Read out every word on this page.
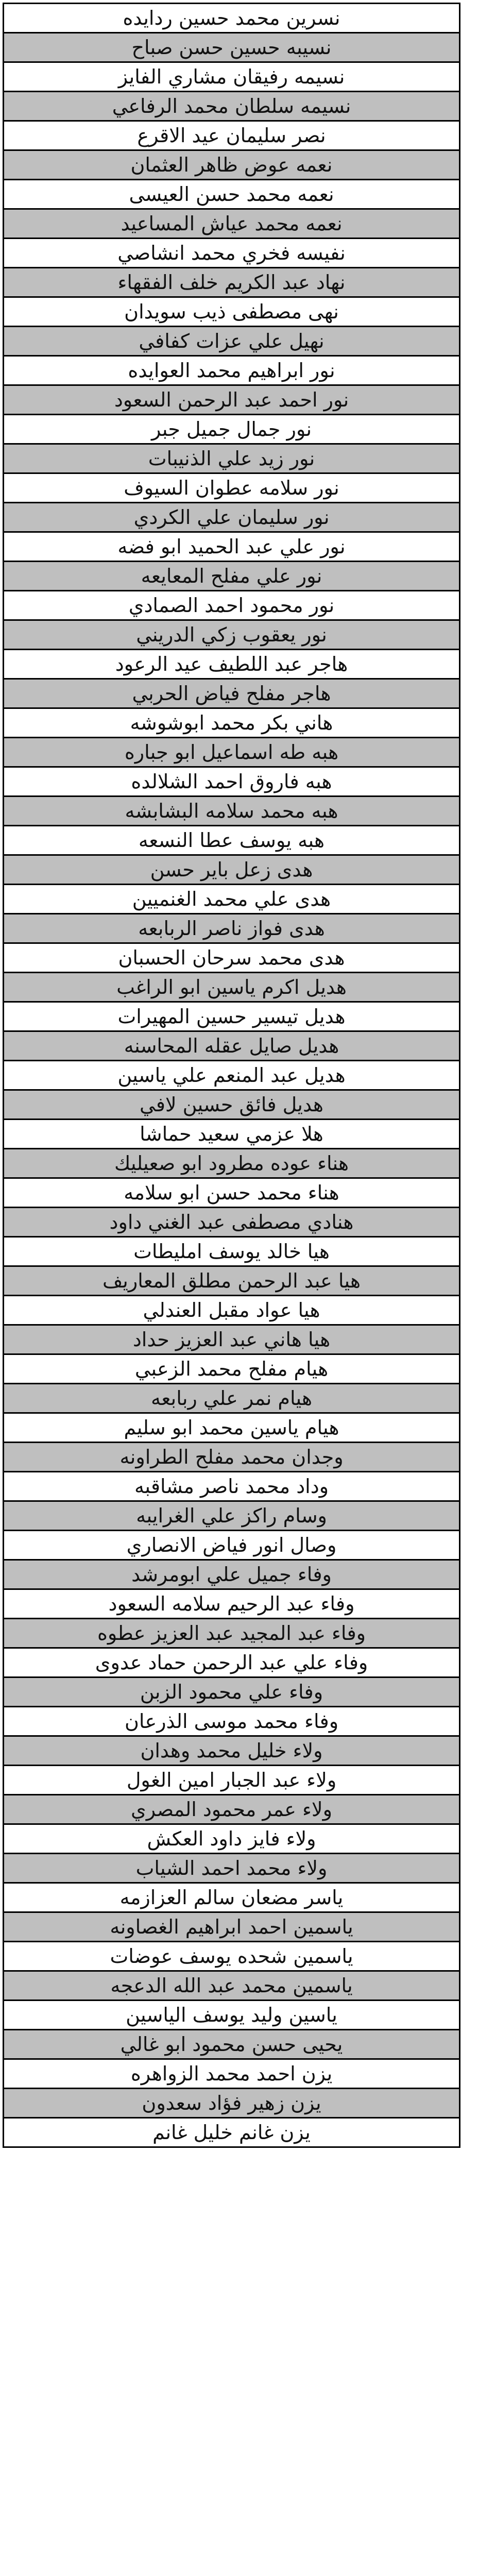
نسرين محمد حسين ردايده
نسيبه حسين حسن صباح
نسيمه رفيقان مشاري الفايز
نسيمه سلطان محمد الرفاعي
نصر سليمان عيد الاقرع
نعمه عوض ظاهر العثمان
نعمه محمد حسن العيسى
نعمه محمد عياش المساعيد
نفيسه فخري محمد انشاصي
نهاد عبد الكريم خلف الفقهاء
نهى مصطفى ذيب سويدان
نهيل علي عزات كفافي
نور ابراهيم محمد العوايده
نور احمد عبد الرحمن السعود
نور جمال جميل جبر
نور زيد علي الذنيبات
نور سلامه عطوان السيوف
نور سليمان علي الكردي
نور علي عبد الحميد ابو فضه
نور علي مفلح المعايعه
نور محمود احمد الصمادي
نور يعقوب زكي الدريني
هاجر عبد اللطيف عيد الرعود
هاجر مفلح فياض الحربي
هاني بكر محمد ابوشوشه
هبه طه اسماعيل ابو جباره
هبه فاروق احمد الشلالده
هبه محمد سلامه البشابشه
هبه يوسف عطا النسعه
هدى زعل باير حسن
هدى علي محمد الغنميين
هدى فواز ناصر الربابعه
هدى محمد سرحان الحسبان
هديل اكرم ياسين ابو الراغب
هديل تيسير حسين المهيرات
هديل صايل عقله المحاسنه
هديل عبد المنعم علي ياسين
هديل فائق حسين لافي
هلا عزمي سعيد حماشا
هناء عوده مطرود ابو صعيليك
هناء محمد حسن ابو سلامه
هنادي مصطفى عبد الغني داود
هيا خالد يوسف امليطات
هيا عبد الرحمن مطلق المعاريف
هيا عواد مقبل العندلي
هيا هاني عبد العزيز حداد
هيام مفلح محمد الزعبي
هيام نمر علي ربابعه
هيام ياسين محمد ابو سليم
وجدان محمد مفلح الطراونه
وداد محمد ناصر مشاقبه
وسام راكز علي الغرايبه
وصال انور فياض الانصاري
وفاء جميل علي ابومرشد
وفاء عبد الرحيم سلامه السعود
وفاء عبد المجيد عبد العزيز عطوه
وفاء علي عبد الرحمن حماد عدوى
وفاء علي محمود الزبن
وفاء محمد موسى الذرعان
ولاء خليل محمد وهدان
ولاء عبد الجبار امين الغول
ولاء عمر محمود المصري
ولاء فايز داود العكش
ولاء محمد احمد الشياب
ياسر مضعان سالم العزازمه
ياسمين احمد ابراهيم الغصاونه
ياسمين شحده يوسف عوضات
ياسمين محمد عبد الله الدعجه
ياسين وليد يوسف الياسين
يحيى حسن محمود ابو غالي
يزن احمد محمد الزواهره
يزن زهير فؤاد سعدون
يزن غانم خليل غانم
